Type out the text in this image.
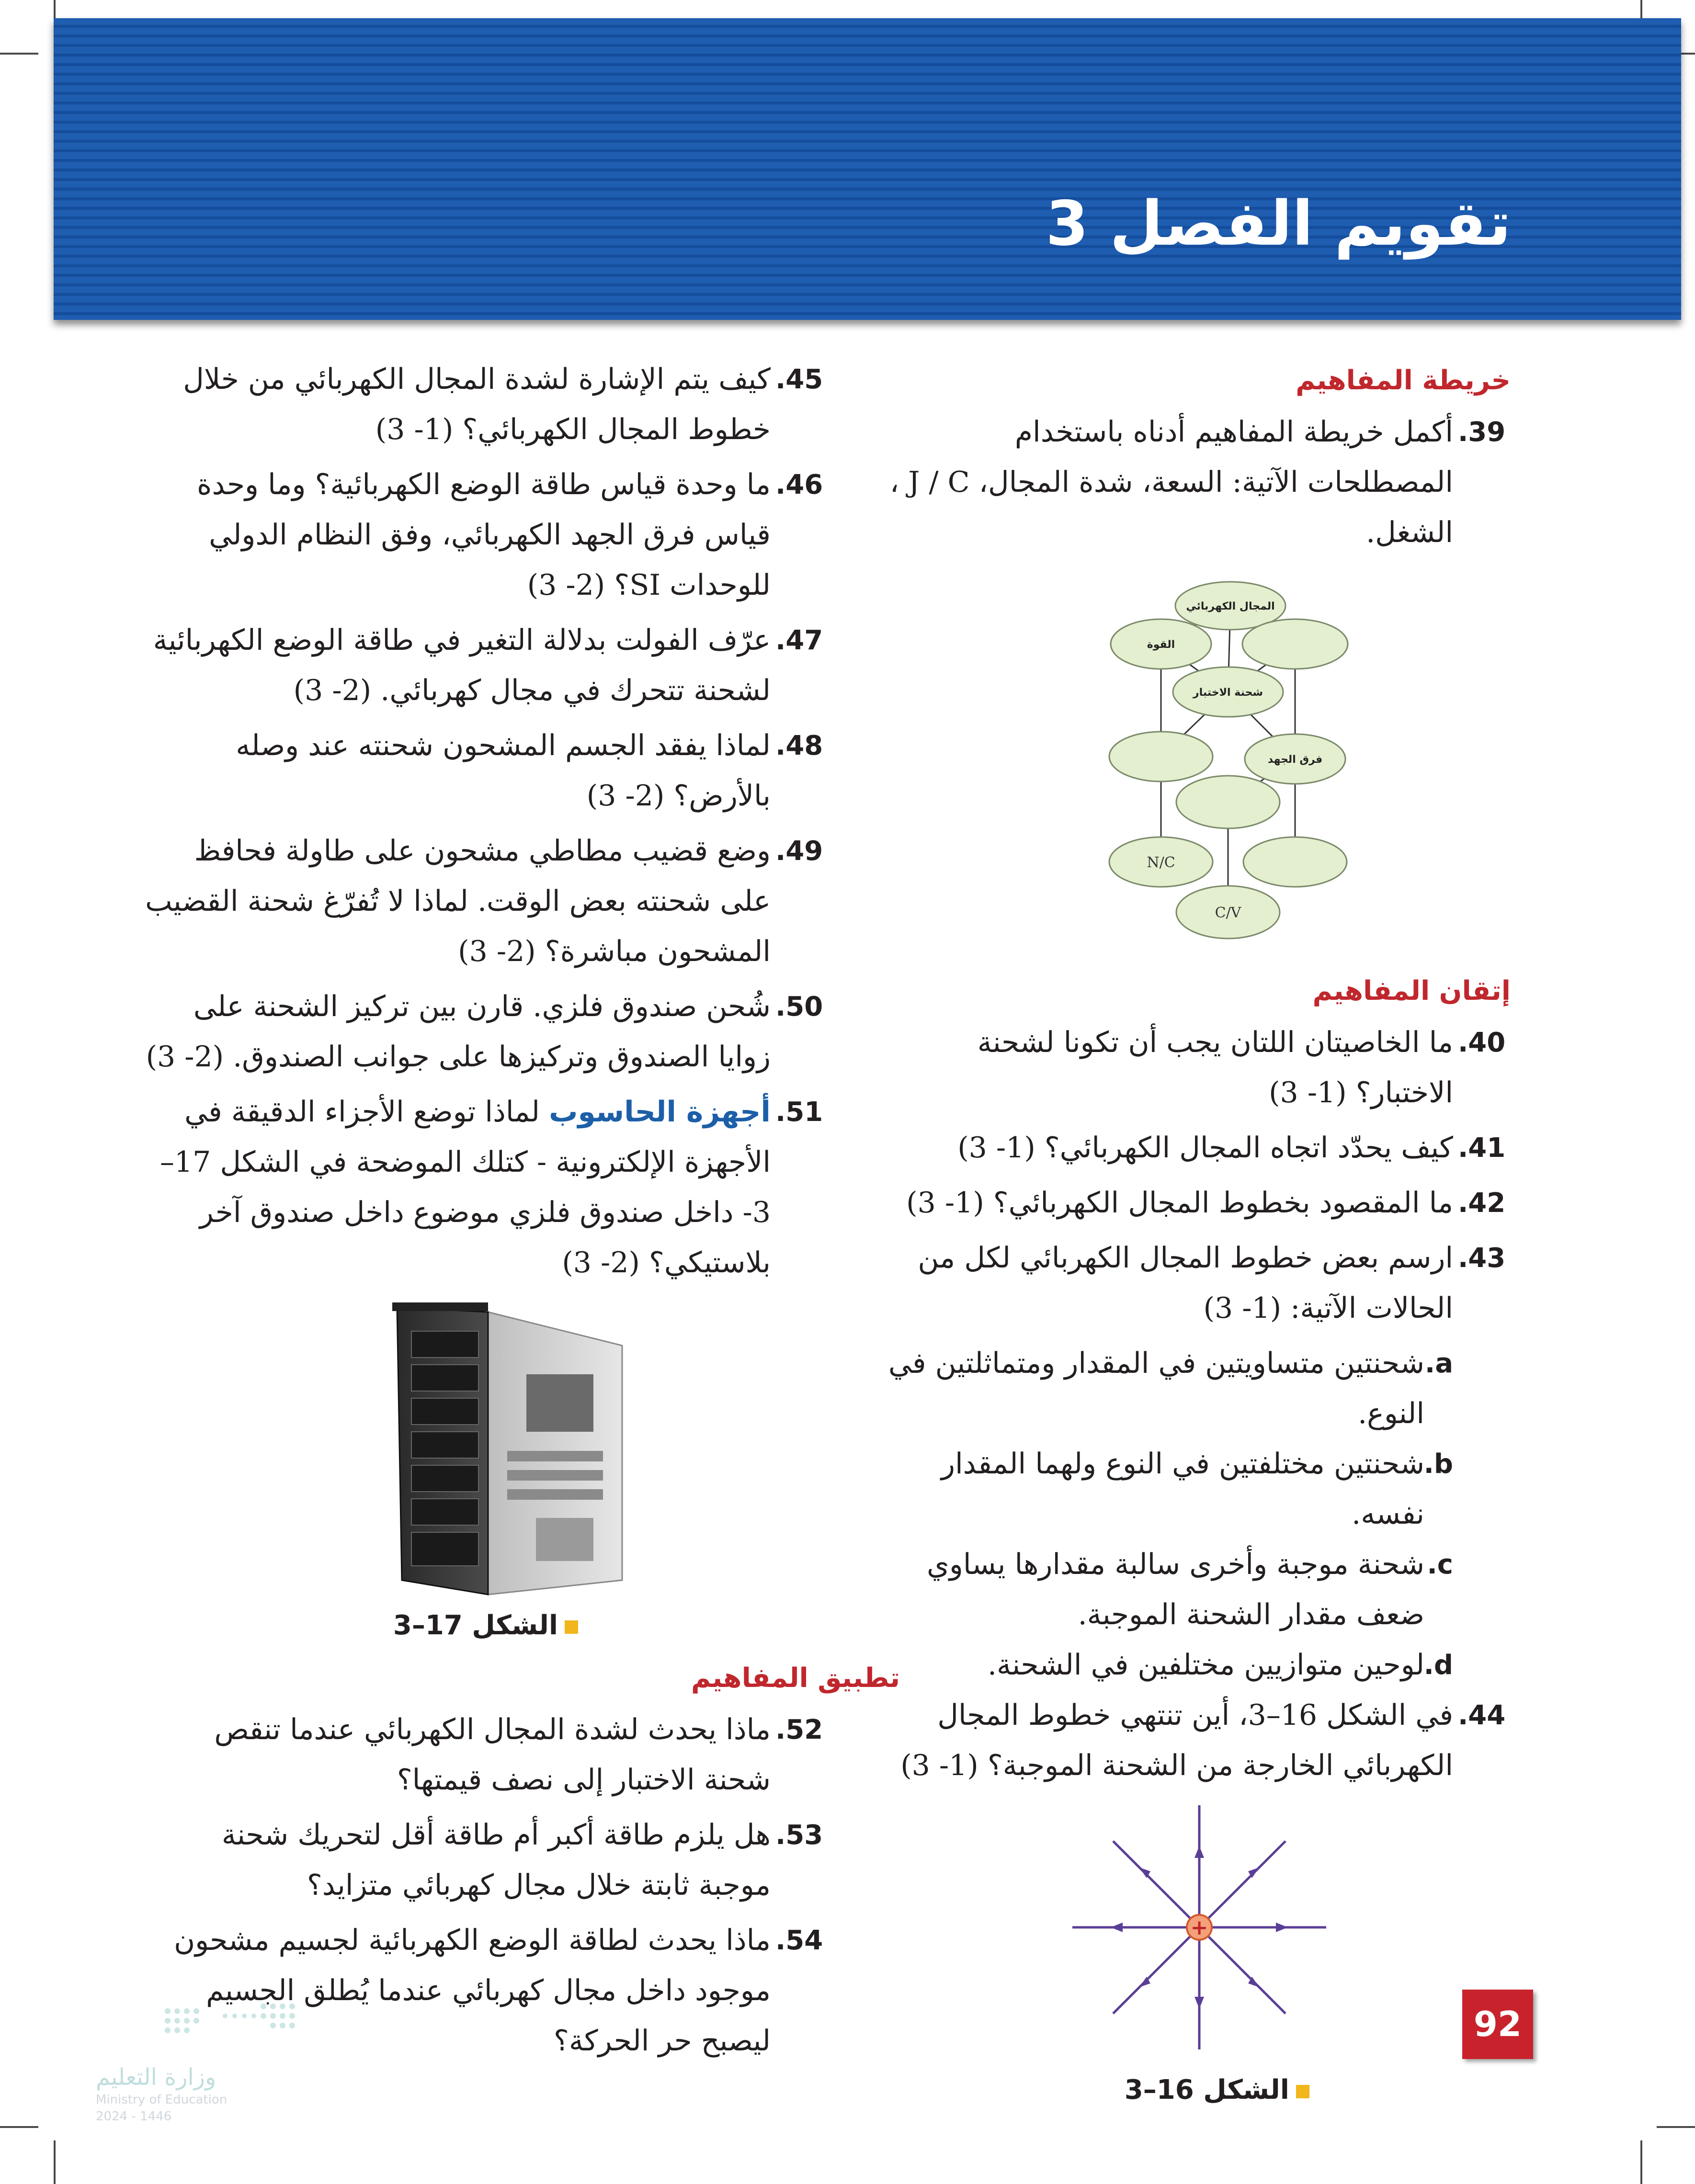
تقويم الفصل 3
خريطة المفاهيم
39.
أكمل خريطة المفاهيم أدناه باستخدام المصطلحات الآتية: السعة، شدة المجال، J / C ، الشغل.
المجال الكهربائي
القوة
شحنة الاختبار
فرق الجهد
N/C
C/V
إتقان المفاهيم
40.
ما الخاصيتان اللتان يجب أن تكونا لشحنة الاختبار؟ (1- 3)
41.
كيف يحدّد اتجاه المجال الكهربائي؟ (1- 3)
42.
ما المقصود بخطوط المجال الكهربائي؟ (1- 3)
43.
ارسم بعض خطوط المجال الكهربائي لكل من الحالات الآتية: (1- 3)
a.
شحنتين متساويتين في المقدار ومتماثلتين في النوع.
b.
شحنتين مختلفتين في النوع ولهما المقدار نفسه.
c.
شحنة موجبة وأخرى سالبة مقدارها يساوي ضعف مقدار الشحنة الموجبة.
d.
لوحين متوازيين مختلفين في الشحنة.
44.
في الشكل 16–3، أين تنتهي خطوط المجال الكهربائي الخارجة من الشحنة الموجبة؟ (1- 3)
+
الشكل 16–3
45.
كيف يتم الإشارة لشدة المجال الكهربائي من خلال خطوط المجال الكهربائي؟ (1- 3)
46.
ما وحدة قياس طاقة الوضع الكهربائية؟ وما وحدة قياس فرق الجهد الكهربائي، وفق النظام الدولي للوحدات SI؟ (2- 3)
47.
عرّف الفولت بدلالة التغير في طاقة الوضع الكهربائية لشحنة تتحرك في مجال كهربائي. (2- 3)
48.
لماذا يفقد الجسم المشحون شحنته عند وصله بالأرض؟ (2- 3)
49.
وضع قضيب مطاطي مشحون على طاولة فحافظ على شحنته بعض الوقت. لماذا لا تُفرّغ شحنة القضيب المشحون مباشرة؟ (2- 3)
50.
شُحن صندوق فلزي. قارن بين تركيز الشحنة على زوايا الصندوق وتركيزها على جوانب الصندوق. (2- 3)
51.
أجهزة الحاسوب لماذا توضع الأجزاء الدقيقة في الأجهزة الإلكترونية - كتلك الموضحة في الشكل 17–3- داخل صندوق فلزي موضوع داخل صندوق آخر بلاستيكي؟ (2- 3)
الشكل 17–3
تطبيق المفاهيم
52.
ماذا يحدث لشدة المجال الكهربائي عندما تنقص شحنة الاختبار إلى نصف قيمتها؟
53.
هل يلزم طاقة أكبر أم طاقة أقل لتحريك شحنة موجبة ثابتة خلال مجال كهربائي متزايد؟
54.
ماذا يحدث لطاقة الوضع الكهربائية لجسيم مشحون موجود داخل مجال كهربائي عندما يُطلق الجسيم ليصبح حر الحركة؟	92
وزارة التعليم
Ministry of Education
2024 - 1446
